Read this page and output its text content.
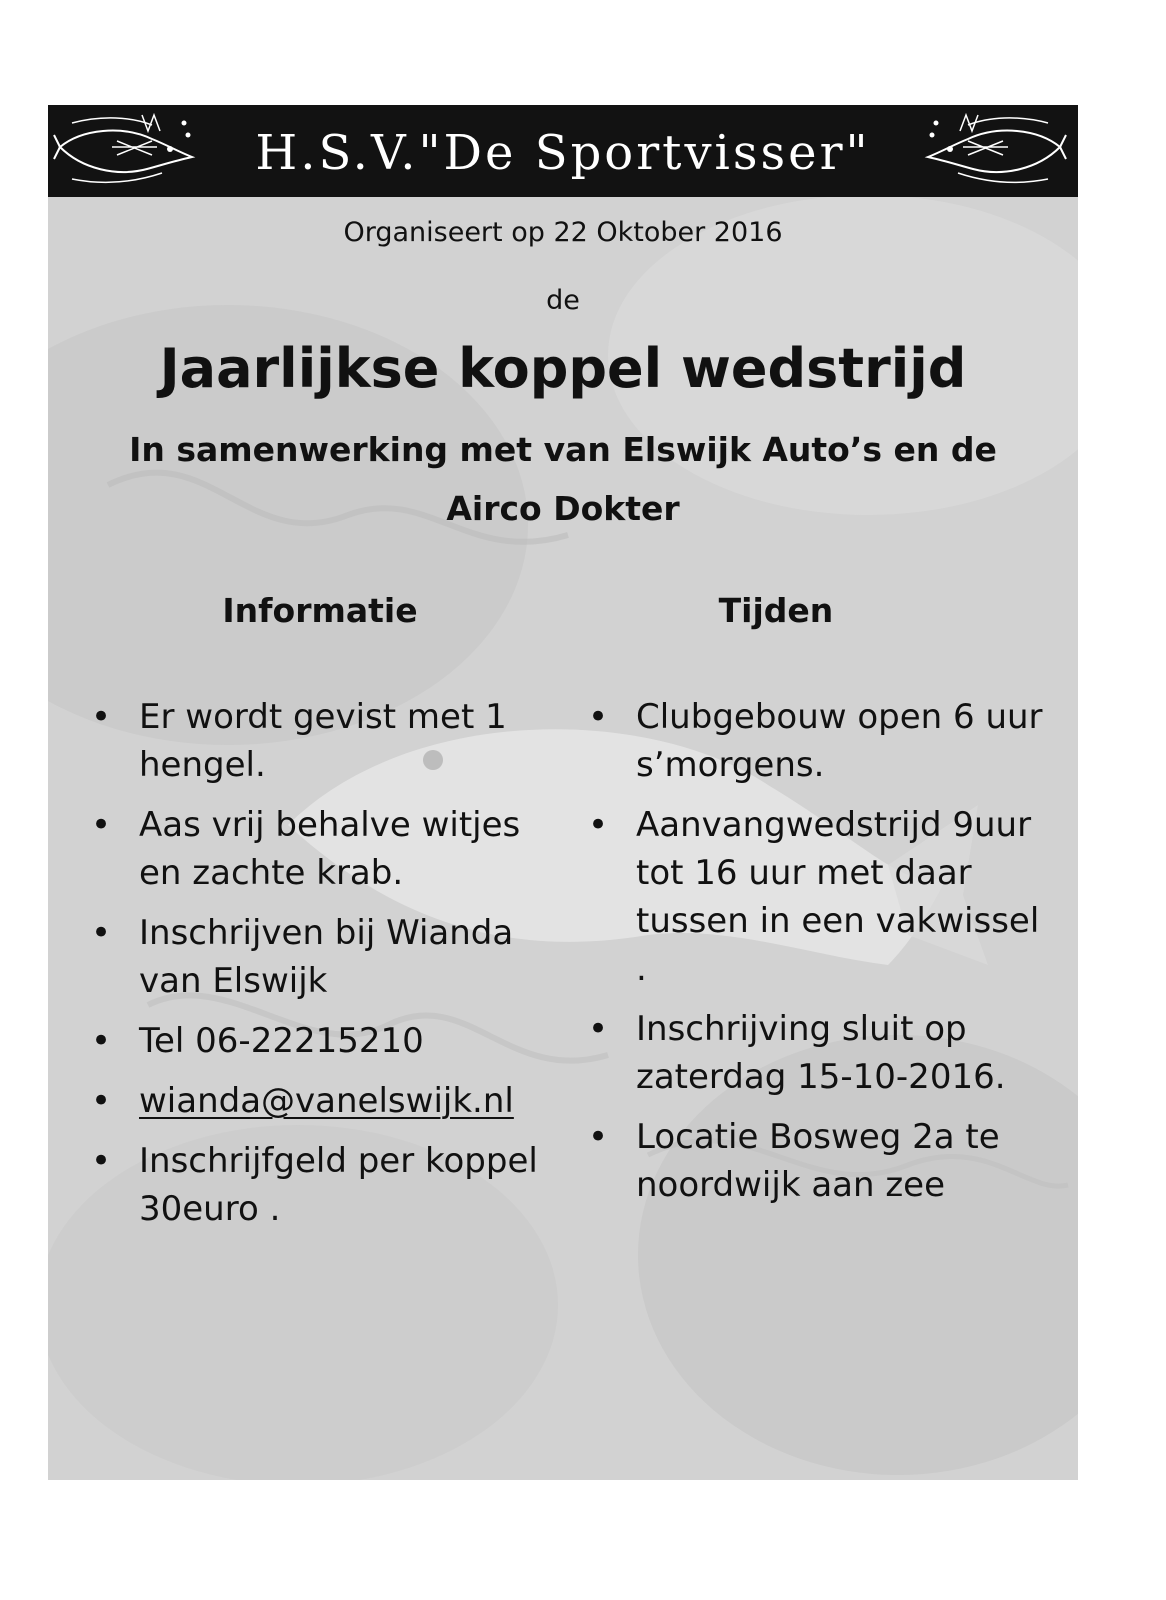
H.S.V."De Sportvisser"
Organiseert op 22 Oktober 2016
de
Jaarlijkse koppel wedstrijd
In samenwerking met van Elswijk Auto’s en de
Airco Dokter
Informatie	Tijden
• Er wordt gevist met 1 hengel.
• Aas vrij behalve witjes en zachte krab.
• Inschrijven bij Wianda van Elswijk
• Tel 06-22215210
• wianda@vanelswijk.nl
• Inschrijfgeld per koppel 30euro .
• Clubgebouw open 6 uur s’morgens.
• Aanvangwedstrijd 9uur tot 16 uur met daar tussen in een vakwissel .
• Inschrijving sluit op zaterdag 15-10-2016.
• Locatie Bosweg 2a te noordwijk aan zee
